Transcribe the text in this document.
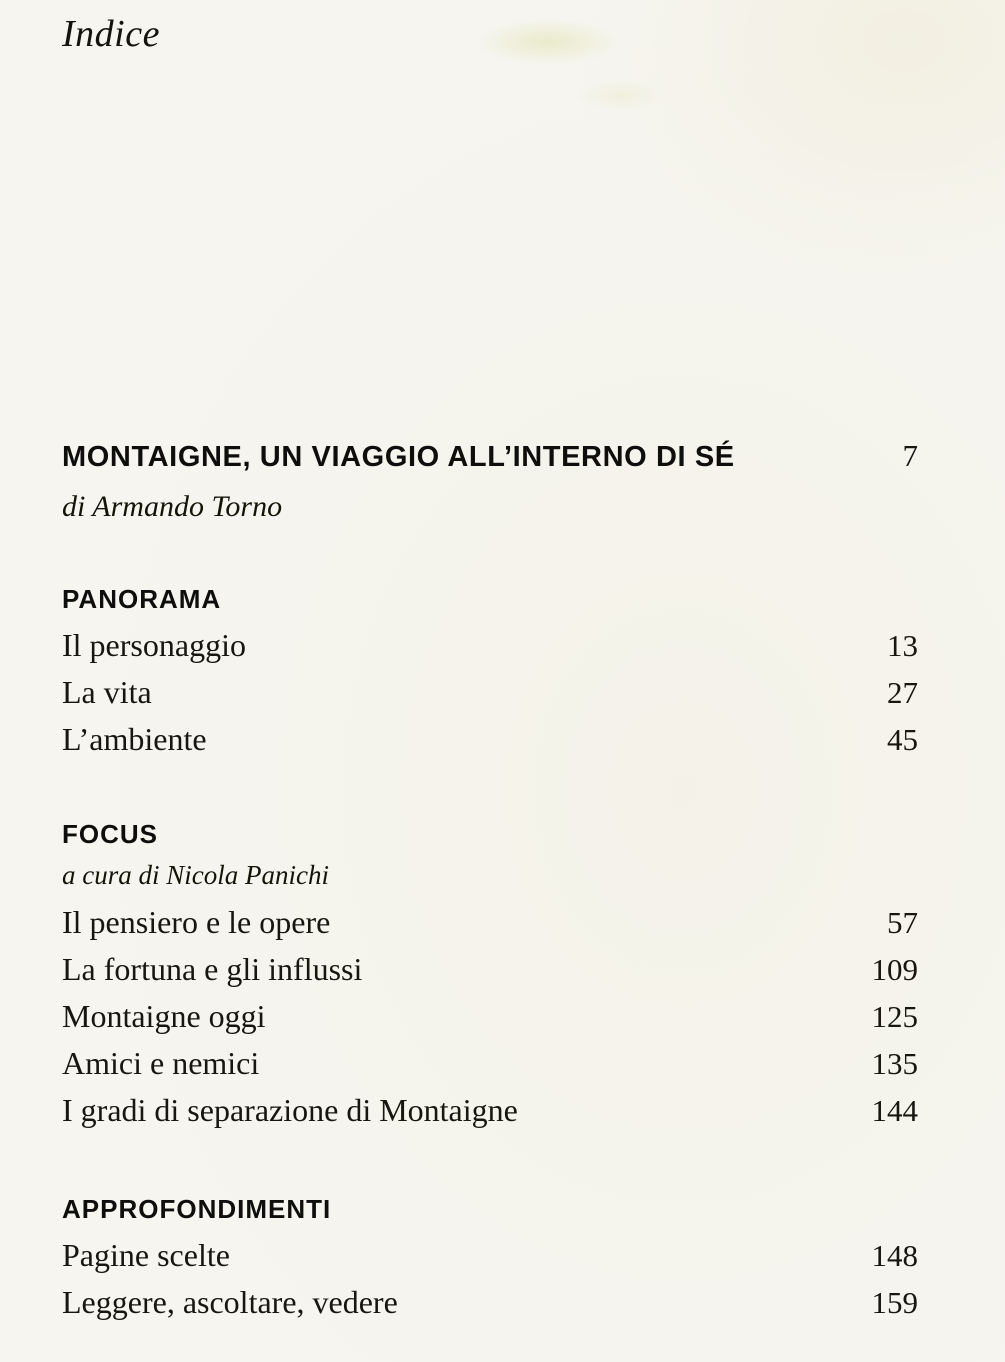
Indice
MONTAIGNE, UN VIAGGIO ALL’INTERNO DI SÉ	7
di Armando Torno
PANORAMA
Il personaggio	13
La vita	27
L’ambiente	45
FOCUS
a cura di Nicola Panichi
Il pensiero e le opere	57
La fortuna e gli influssi	109
Montaigne oggi	125
Amici e nemici	135
I gradi di separazione di Montaigne	144
APPROFONDIMENTI
Pagine scelte	148
Leggere, ascoltare, vedere	159
